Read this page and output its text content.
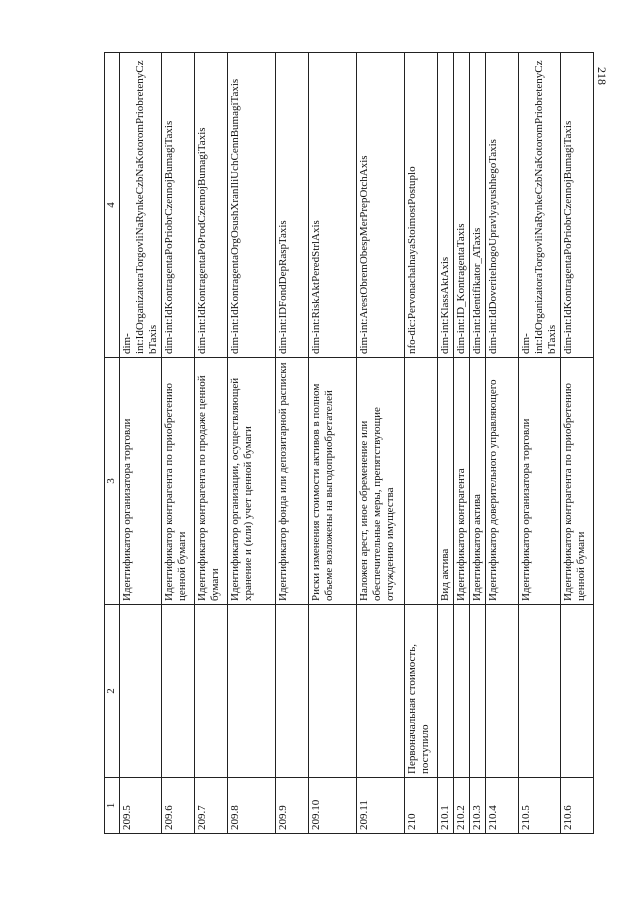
218
1	2	3	4
209.5		Идентификатор организатора торговли	dim-int:IdOrganizatoraTorgovliNaRynkeCzbNaKotoromPriobretenyCzbTaxis
209.6		Идентификатор контрагента по приобретению ценной бумаги	dim-int:IdKontragentaPoPriobrCzennojBumagiTaxis
209.7		Идентификатор контрагента по продаже ценной бумаги	dim-int:IdKontragentaPoProdCzennojBumagiTaxis
209.8		Идентификатор организации, осуществляющей хранение и (или) учет ценной бумаги	dim-int:IdKontragentaOrgOsushXranIliUchCennBumagiTaxis
209.9		Идентификатор фонда или депозитарной расписки	dim-int:IDFondDepRaspTaxis
209.10		Риски изменения стоимости активов в полном объеме возложены на выгодоприобретателей	dim-int:RiskAktPeredStrlAxis
209.11		Наложен арест, иное обременение или обеспечительные меры, препятствующие отчуждению имущества	dim-int:ArestObremObespMerPrepOtchAxis
210	Первоначальная стоимость, поступило		nfo-dic:PervonachalnayaStoimostPostuplo
210.1		Вид актива	dim-int:KlassAktAxis
210.2		Идентификатор контрагента	dim-int:ID_KontragentaTaxis
210.3		Идентификатор актива	dim-int:Identifikator_ATaxis
210.4		Идентификатор доверительного управляющего	dim-int:IdDoveritelnogoUpravlyayushhegoTaxis
210.5		Идентификатор организатора торговли	dim-int:IdOrganizatoraTorgovliNaRynkeCzbNaKotoromPriobretenyCzbTaxis
210.6		Идентификатор контрагента по приобретению ценной бумаги	dim-int:IdKontragentaPoPriobrCzennojBumagiTaxis
